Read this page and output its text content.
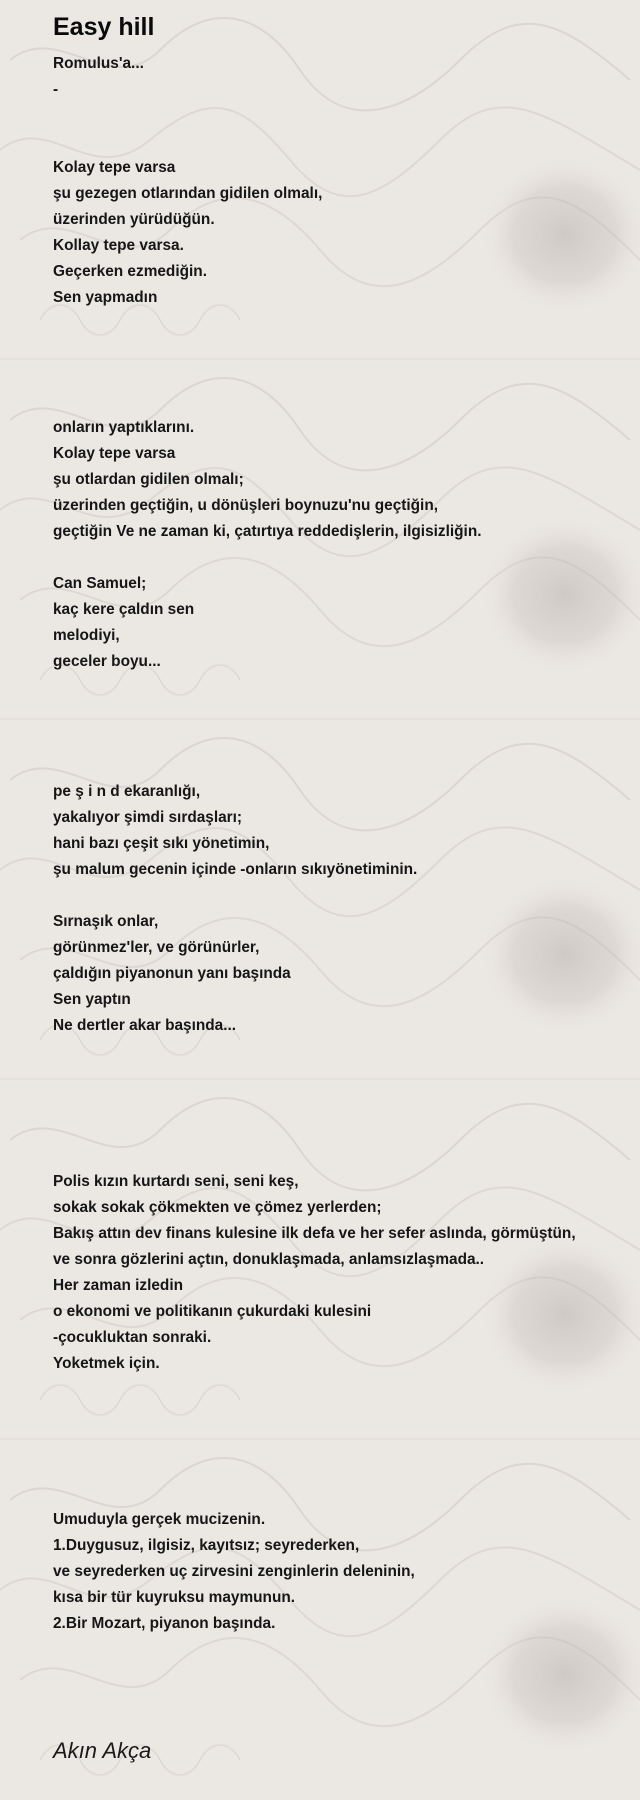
Easy hill
Romulus'a...
-
Kolay tepe varsa
şu gezegen otlarından gidilen olmalı,
üzerinden yürüdüğün.
Kollay tepe varsa.
Geçerken ezmediğin.
Sen yapmadın
onların yaptıklarını.
Kolay tepe varsa
şu otlardan gidilen olmalı;
üzerinden geçtiğin, u dönüşleri boynuzu'nu geçtiğin,
geçtiğin Ve ne zaman ki, çatırtıya reddedişlerin, ilgisizliğin.
Can Samuel;
kaç kere çaldın sen
melodiyi,
geceler boyu...
pe ş i n d ekaranlığı,
yakalıyor şimdi sırdaşları;
hani bazı çeşit sıkı yönetimin,
şu malum gecenin içinde -onların sıkıyönetiminin.
Sırnaşık onlar,
görünmez'ler, ve görünürler,
çaldığın piyanonun yanı başında
Sen yaptın
Ne dertler akar başında...
Polis kızın kurtardı seni, seni keş,
sokak sokak çökmekten ve çömez yerlerden;
Bakış attın dev finans kulesine ilk defa ve her sefer aslında, görmüştün,
ve sonra gözlerini açtın, donuklaşmada, anlamsızlaşmada..
Her zaman izledin
o ekonomi ve politikanın çukurdaki kulesini
-çocukluktan sonraki.
Yoketmek için.
Umuduyla gerçek mucizenin.
1.Duygusuz, ilgisiz, kayıtsız; seyrederken,
ve seyrederken uç zirvesini zenginlerin deleninin,
kısa bir tür kuyruksu maymunun.
2.Bir Mozart, piyanon başında.
Akın Akça
